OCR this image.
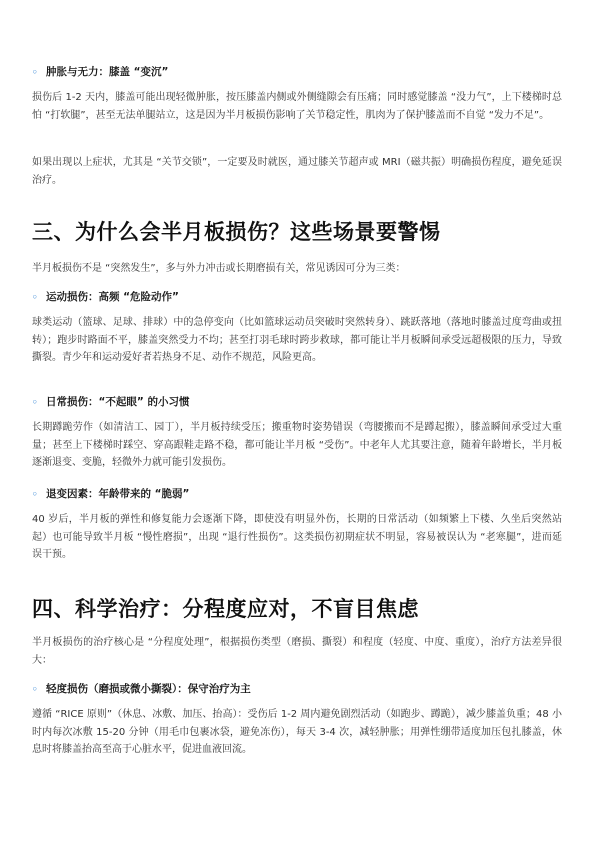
◦ 肿胀与无力：膝盖 “变沉”

损伤后 1-2 天内，膝盖可能出现轻微肿胀，按压膝盖内侧或外侧缝隙会有压痛；同时感觉膝盖 “没力气”，上下楼梯时总怕 “打软腿”，甚至无法单腿站立，这是因为半月板损伤影响了关节稳定性，肌肉为了保护膝盖而不自觉 “发力不足”。

如果出现以上症状，尤其是 “关节交锁”，一定要及时就医，通过膝关节超声或 MRI（磁共振）明确损伤程度，避免延误治疗。

三、为什么会半月板损伤？这些场景要警惕

半月板损伤不是 “突然发生”，多与外力冲击或长期磨损有关，常见诱因可分为三类：

◦ 运动损伤：高频 “危险动作”

球类运动（篮球、足球、排球）中的急停变向（比如篮球运动员突破时突然转身）、跳跃落地（落地时膝盖过度弯曲或扭转）；跑步时路面不平，膝盖突然受力不均；甚至打羽毛球时跨步救球，都可能让半月板瞬间承受远超极限的压力，导致撕裂。青少年和运动爱好者若热身不足、动作不规范，风险更高。

◦ 日常损伤：“不起眼” 的小习惯

长期蹲跪劳作（如清洁工、园丁），半月板持续受压；搬重物时姿势错误（弯腰搬而不是蹲起搬），膝盖瞬间承受过大重量；甚至上下楼梯时踩空、穿高跟鞋走路不稳，都可能让半月板 “受伤”。中老年人尤其要注意，随着年龄增长，半月板逐渐退变、变脆，轻微外力就可能引发损伤。

◦ 退变因素：年龄带来的 “脆弱”

40 岁后，半月板的弹性和修复能力会逐渐下降，即使没有明显外伤，长期的日常活动（如频繁上下楼、久坐后突然站起）也可能导致半月板 “慢性磨损”，出现 “退行性损伤”。这类损伤初期症状不明显，容易被误认为 “老寒腿”，进而延误干预。

四、科学治疗：分程度应对，不盲目焦虑

半月板损伤的治疗核心是 “分程度处理”，根据损伤类型（磨损、撕裂）和程度（轻度、中度、重度），治疗方法差异很大：

◦ 轻度损伤（磨损或微小撕裂）：保守治疗为主

遵循 “RICE 原则”（休息、冰敷、加压、抬高）：受伤后 1-2 周内避免剧烈活动（如跑步、蹲跪），减少膝盖负重；48 小时内每次冰敷 15-20 分钟（用毛巾包裹冰袋，避免冻伤），每天 3-4 次，减轻肿胀；用弹性绷带适度加压包扎膝盖，休息时将膝盖抬高至高于心脏水平，促进血液回流。
